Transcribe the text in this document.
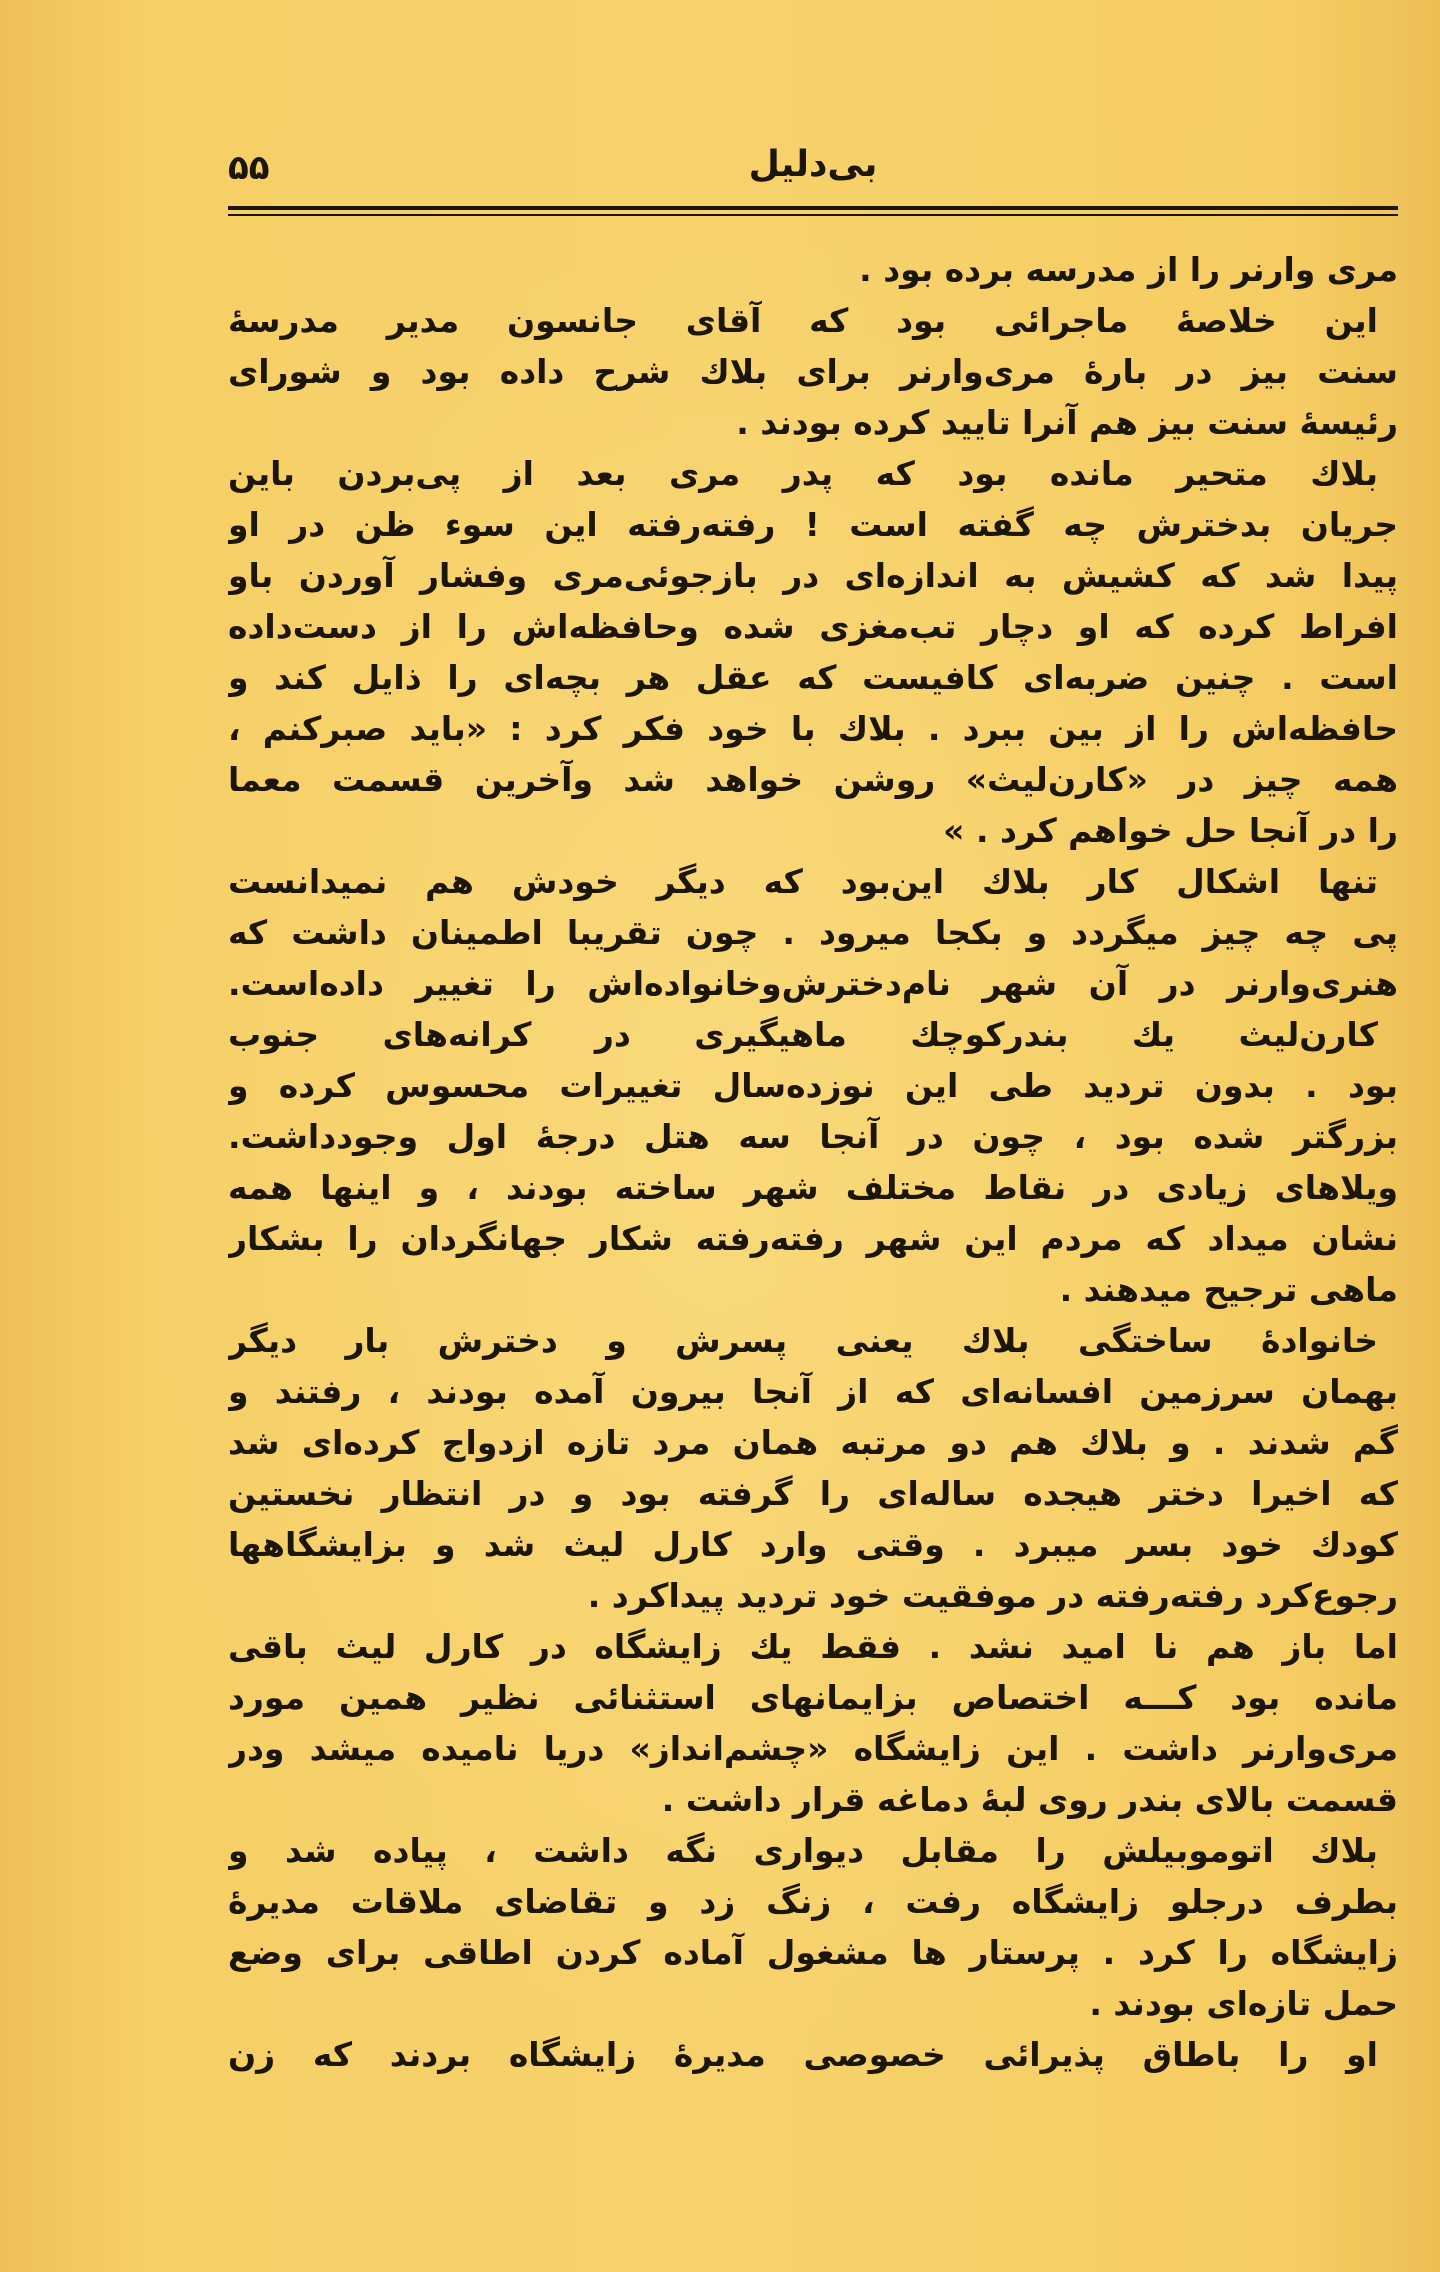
۵۵	بی‌دلیل
مری وارنر را از مدرسه برده بود .
این خلاصهٔ ماجرائی بود که آقای جانسون مدیر مدرسهٔ
سنت بیز در بارهٔ مری‌وارنر برای بلاك شرح داده بود و شورای
رئیسهٔ سنت بیز هم آنرا تایید کرده بودند .
بلاك متحیر مانده بود که پدر مری بعد از پی‌بردن باین
جریان بدخترش چه گفته است ! رفته‌رفته این سوء ظن در او
پیدا شد که کشیش به اندازه‌ای در بازجوئی‌مری وفشار آوردن باو
افراط کرده که او دچار تب‌مغزی شده وحافظه‌اش را از دست‌داده
است . چنین ضربه‌ای کافیست که عقل هر بچه‌ای را ذایل کند و
حافظه‌اش را از بین ببرد . بلاك با خود فکر کرد : «باید صبرکنم ،
همه چیز در «کارن‌لیث» روشن خواهد شد وآخرین قسمت معما
را در آنجا حل خواهم کرد . »
تنها اشکال کار بلاك این‌بود که دیگر خودش هم نمیدانست
پی چه چیز میگردد و بکجا میرود . چون تقریبا اطمینان داشت که
هنری‌وارنر در آن شهر نام‌دخترش‌وخانواده‌اش را تغییر داده‌است.
کارن‌لیث یك بندرکوچك ماهیگیری در کرانه‌های جنوب
بود . بدون تردید طی این نوزده‌سال تغییرات محسوس کرده و
بزرگتر شده بود ، چون در آنجا سه هتل درجهٔ اول وجودداشت.
ویلاهای زیادی در نقاط مختلف شهر ساخته بودند ، و اینها همه
نشان میداد که مردم این شهر رفته‌رفته شکار جهانگردان را بشکار
ماهی ترجیح میدهند .
خانوادهٔ ساختگی بلاك یعنی پسرش و دخترش بار دیگر
بهمان سرزمین افسانه‌ای که از آنجا بیرون آمده بودند ، رفتند و
گم شدند . و بلاك هم دو مرتبه همان مرد تازه ازدواج کرده‌ای شد
که اخیرا دختر هیجده ساله‌ای را گرفته بود و در انتظار نخستین
کودك خود بسر میبرد . وقتی وارد کارل لیث شد و بزایشگاهها
رجوع‌کرد رفته‌رفته در موفقیت خود تردید پیداکرد .
اما باز هم نا امید نشد . فقط یك زایشگاه در کارل لیث باقی
مانده بود کـــه اختصاص بزایمانهای استثنائی نظیر همین مورد
مری‌وارنر داشت . این زایشگاه «چشم‌انداز» دریا نامیده میشد ودر
قسمت بالای بندر روی لبهٔ دماغه قرار داشت .
بلاك اتوموبیلش را مقابل دیواری نگه داشت ، پیاده شد و
بطرف درجلو زایشگاه رفت ، زنگ زد و تقاضای ملاقات مدیرهٔ
زایشگاه را کرد . پرستار ها مشغول آماده کردن اطاقی برای وضع
حمل تازه‌ای بودند .
او را باطاق پذیرائی خصوصی مدیرهٔ زایشگاه بردند که زن
